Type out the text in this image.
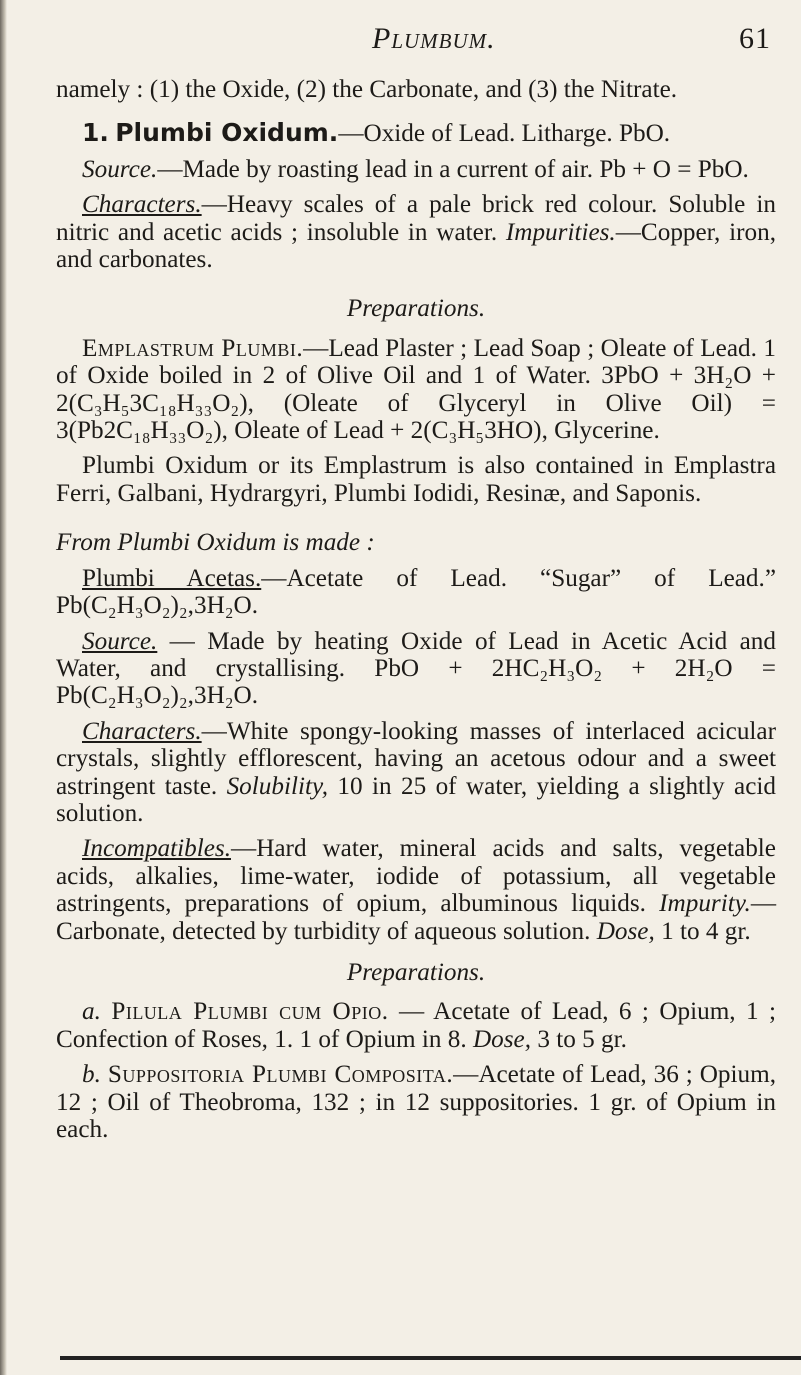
Plumbum.	61

namely : (1) the Oxide, (2) the Carbonate, and (3) the Nitrate.

1. Plumbi Oxidum.—Oxide of Lead. Litharge. PbO.

Source.—Made by roasting lead in a current of air. Pb + O = PbO.

Characters.—Heavy scales of a pale brick red colour. Soluble in nitric and acetic acids ; insoluble in water. Impurities.—Copper, iron, and carbonates.

Preparations.

Emplastrum Plumbi.—Lead Plaster ; Lead Soap ; Oleate of Lead. 1 of Oxide boiled in 2 of Olive Oil and 1 of Water. 3PbO + 3H₂O + 2(C₃H₅3C₁₈H₃₃O₂), (Oleate of Glyceryl in Olive Oil) = 3(Pb2C₁₈H₃₃O₂), Oleate of Lead + 2(C₃H₅3HO), Glycerine.

Plumbi Oxidum or its Emplastrum is also contained in Emplastra Ferri, Galbani, Hydrargyri, Plumbi Iodidi, Resinæ, and Saponis.

From Plumbi Oxidum is made :

Plumbi Acetas.—Acetate of Lead. “Sugar” of Lead.” Pb(C₂H₃O₂)₂,3H₂O.

Source. — Made by heating Oxide of Lead in Acetic Acid and Water, and crystallising. PbO + 2HC₂H₃O₂ + 2H₂O = Pb(C₂H₃O₂)₂,3H₂O.

Characters.—White spongy-looking masses of interlaced acicular crystals, slightly efflorescent, having an acetous odour and a sweet astringent taste. Solubility, 10 in 25 of water, yielding a slightly acid solution.

Incompatibles.—Hard water, mineral acids and salts, vegetable acids, alkalies, lime-water, iodide of potassium, all vegetable astringents, preparations of opium, albuminous liquids. Impurity.—Carbonate, detected by turbidity of aqueous solution. Dose, 1 to 4 gr.

Preparations.

a. Pilula Plumbi cum Opio. — Acetate of Lead, 6 ; Opium, 1 ; Confection of Roses, 1. 1 of Opium in 8. Dose, 3 to 5 gr.

b. Suppositoria Plumbi Composita.—Acetate of Lead, 36 ; Opium, 12 ; Oil of Theobroma, 132 ; in 12 suppositories. 1 gr. of Opium in each.
